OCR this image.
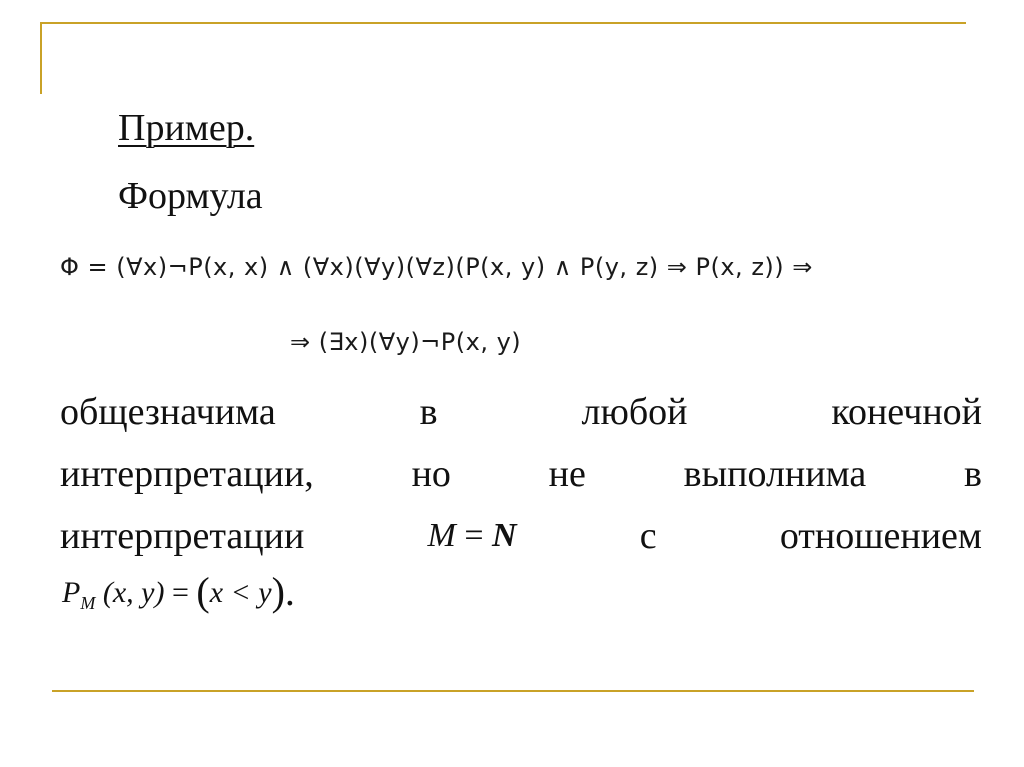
Пример.
Формула
Φ = (∀x)¬P(x, x) ∧ (∀x)(∀y)(∀z)(P(x, y) ∧ P(y, z) ⇒ P(x, z)) ⇒
⇒ (∃x)(∀y)¬P(x, y)
общезначима	в	любой	конечной
интерпретации,	но	не	выполнима	в
интерпретации	M = N	с	отношением
$P_M$ (x, y) = (x < y).
